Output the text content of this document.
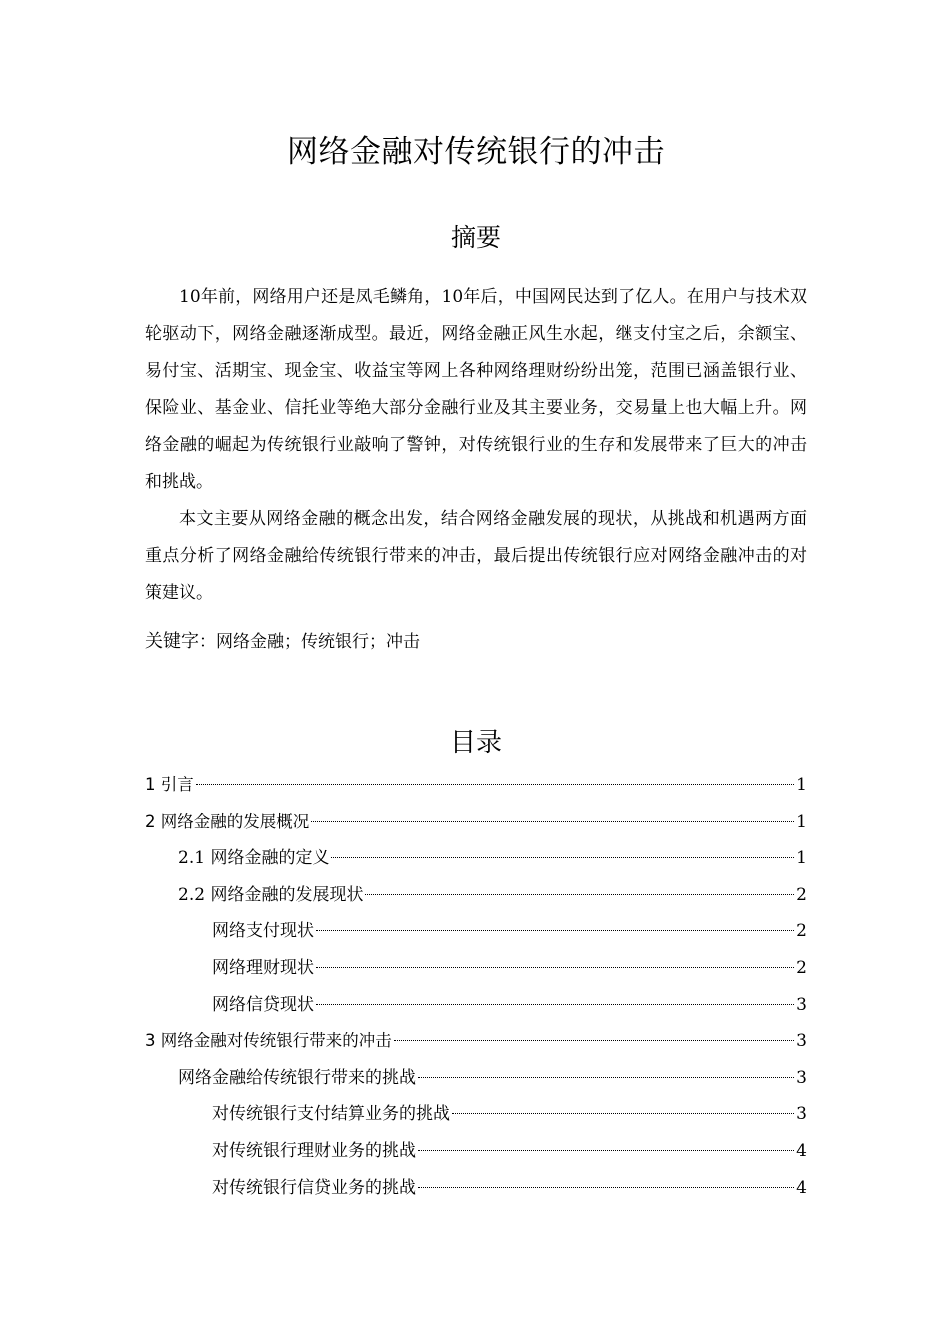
网络金融对传统银行的冲击
摘要

10年前，网络用户还是凤毛鳞角，10年后，中国网民达到了亿人。在用户与技术双轮驱动下，网络金融逐渐成型。最近，网络金融正风生水起，继支付宝之后，余额宝、易付宝、活期宝、现金宝、收益宝等网上各种网络理财纷纷出笼，范围已涵盖银行业、保险业、基金业、信托业等绝大部分金融行业及其主要业务，交易量上也大幅上升。网络金融的崛起为传统银行业敲响了警钟，对传统银行业的生存和发展带来了巨大的冲击和挑战。

本文主要从网络金融的概念出发，结合网络金融发展的现状，从挑战和机遇两方面重点分析了网络金融给传统银行带来的冲击，最后提出传统银行应对网络金融冲击的对策建议。

关键字：网络金融；传统银行；冲击
目录
1 引言	1
2 网络金融的发展概况	1
2.1 网络金融的定义	1
2.2 网络金融的发展现状	2
网络支付现状	2
网络理财现状	2
网络信贷现状	3
3 网络金融对传统银行带来的冲击	3
网络金融给传统银行带来的挑战	3
对传统银行支付结算业务的挑战	3
对传统银行理财业务的挑战	4
对传统银行信贷业务的挑战	4
